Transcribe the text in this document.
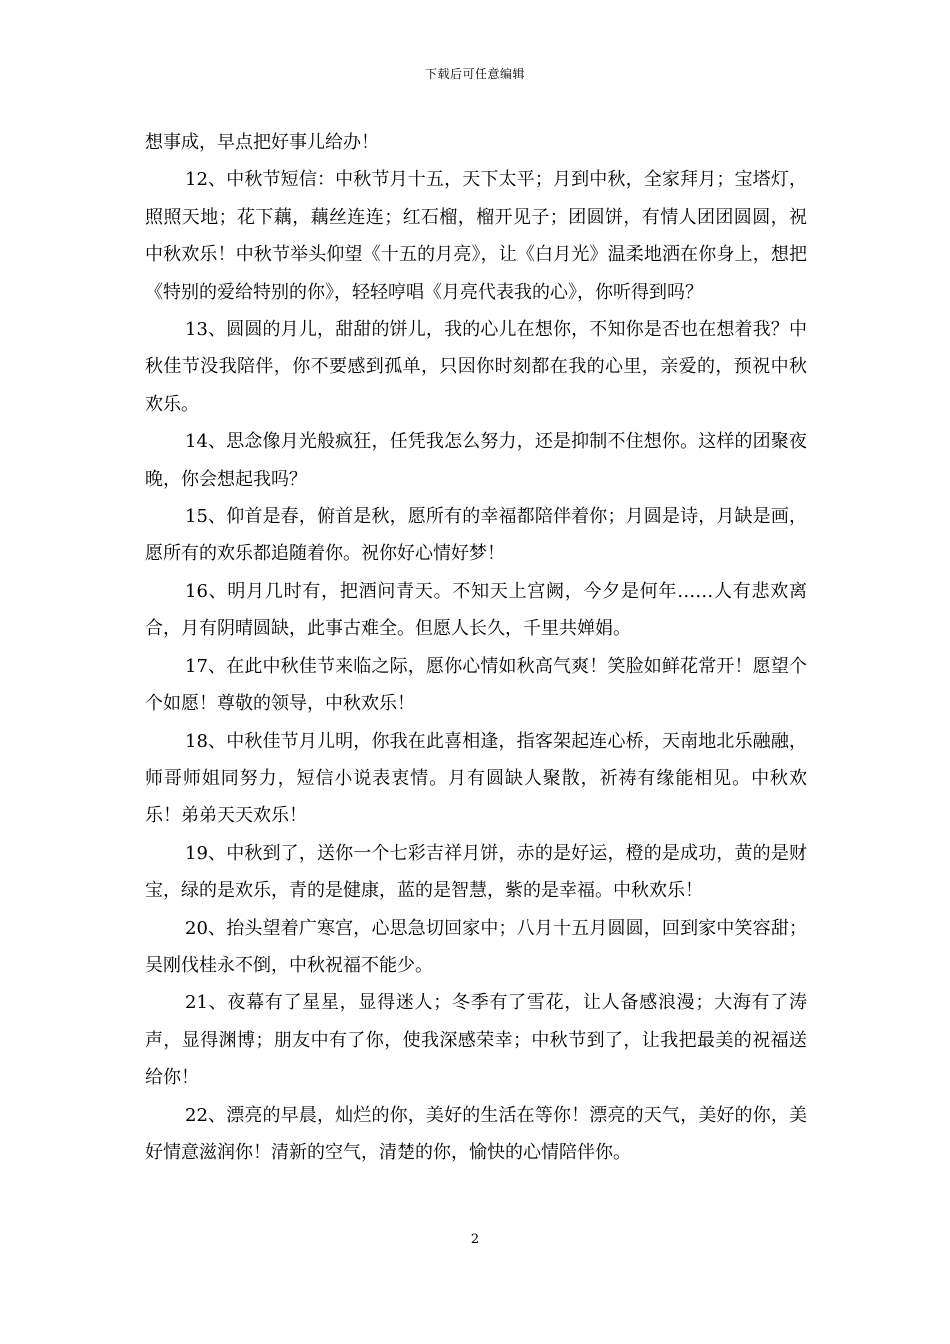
下载后可任意编辑

想事成，早点把好事儿给办！

12、中秋节短信：中秋节月十五，天下太平；月到中秋，全家拜月；宝塔灯，照照天地；花下藕，藕丝连连；红石榴，榴开见子；团圆饼，有情人团团圆圆，祝中秋欢乐！中秋节举头仰望《十五的月亮》，让《白月光》温柔地洒在你身上，想把《特别的爱给特别的你》，轻轻哼唱《月亮代表我的心》，你听得到吗？

13、圆圆的月儿，甜甜的饼儿，我的心儿在想你，不知你是否也在想着我？中秋佳节没我陪伴，你不要感到孤单，只因你时刻都在我的心里，亲爱的，预祝中秋欢乐。

14、思念像月光般疯狂，任凭我怎么努力，还是抑制不住想你。这样的团聚夜晚，你会想起我吗？

15、仰首是春，俯首是秋，愿所有的幸福都陪伴着你；月圆是诗，月缺是画，愿所有的欢乐都追随着你。祝你好心情好梦！

16、明月几时有，把酒问青天。不知天上宫阙，今夕是何年……人有悲欢离合，月有阴晴圆缺，此事古难全。但愿人长久，千里共婵娟。

17、在此中秋佳节来临之际，愿你心情如秋高气爽！笑脸如鲜花常开！愿望个个如愿！尊敬的领导，中秋欢乐！

18、中秋佳节月儿明，你我在此喜相逢，指客架起连心桥，天南地北乐融融，师哥师姐同努力，短信小说表衷情。月有圆缺人聚散，祈祷有缘能相见。中秋欢乐！弟弟天天欢乐！

19、中秋到了，送你一个七彩吉祥月饼，赤的是好运，橙的是成功，黄的是财宝，绿的是欢乐，青的是健康，蓝的是智慧，紫的是幸福。中秋欢乐！

20、抬头望着广寒宫，心思急切回家中；八月十五月圆圆，回到家中笑容甜；吴刚伐桂永不倒，中秋祝福不能少。

21、夜幕有了星星，显得迷人；冬季有了雪花，让人备感浪漫；大海有了涛声，显得渊博；朋友中有了你，使我深感荣幸；中秋节到了，让我把最美的祝福送给你！

22、漂亮的早晨，灿烂的你，美好的生活在等你！漂亮的天气，美好的你，美好情意滋润你！清新的空气，清楚的你，愉快的心情陪伴你。

2
